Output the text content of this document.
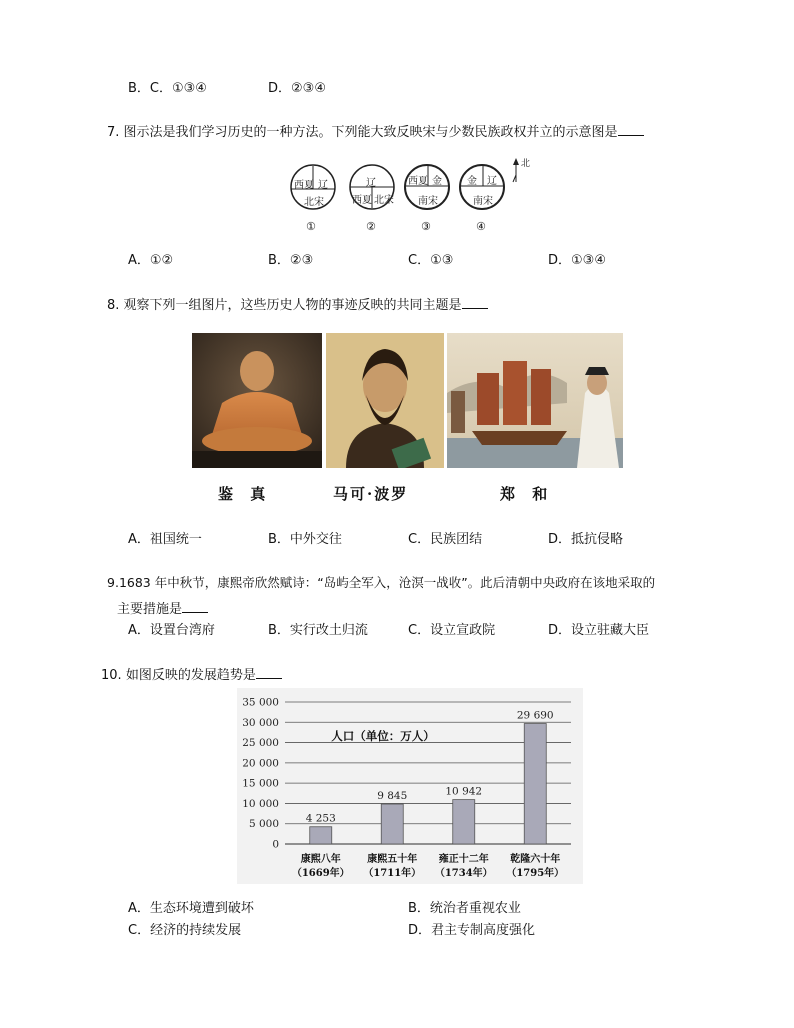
B．C．①③④	D．②③④
7. 图示法是我们学习历史的一种方法。下列能大致反映宋与少数民族政权并立的示意图是
西夏 辽
北宋
辽
西夏 北宋
西夏 金
南宋
金 辽
南宋
北
①	②	③	④
A．①②	B．②③	C．①③	D．①③④
8. 观察下列一组图片，这些历史人物的事迹反映的共同主题是
鉴 真	马可·波罗	郑 和
A．祖国统一	B．中外交往	C．民族团结	D．抵抗侵略
9.1683 年中秋节，康熙帝欣然赋诗：“岛屿全军入，沧溟一战收”。此后清朝中央政府在该地采取的
主要措施是
A．设置台湾府	B．实行改土归流	C．设立宣政院	D．设立驻藏大臣
10. 如图反映的发展趋势是
0
5 000
10 000
15 000
20 000
25 000
30 000
35 000
人口（单位：万人）
4 253
康熙八年
（1669年）
9 845
康熙五十年
（1711年）
10 942
雍正十二年
（1734年）
29 690
乾隆六十年
（1795年）
A．生态环境遭到破坏	B．统治者重视农业
C．经济的持续发展	D．君主专制高度强化
